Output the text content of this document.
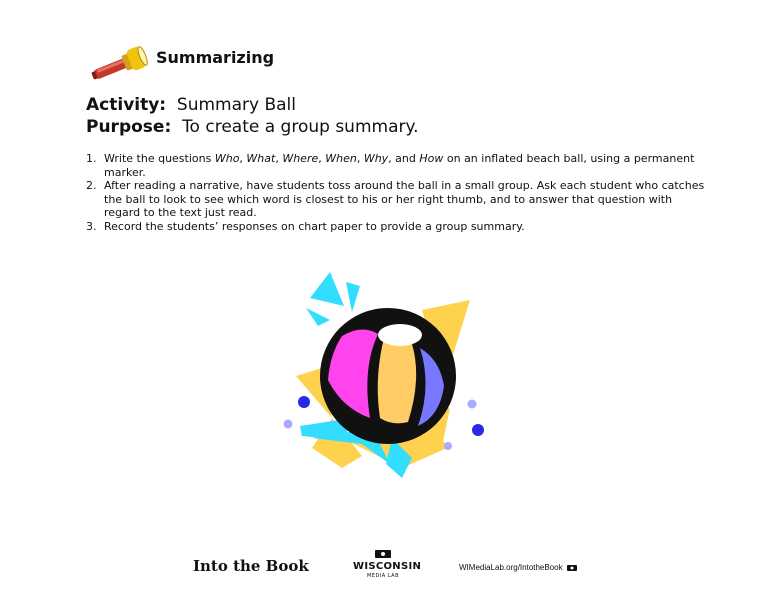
Summarizing
Activity: Summary Ball
Purpose: To create a group summary.
1. Write the questions Who, What, Where, When, Why, and How on an inflated beach ball, using a permanent marker.
2. After reading a narrative, have students toss around the ball in a small group. Ask each student who catches the ball to look to see which word is closest to his or her right thumb, and to answer that question with regard to the text just read.
3. Record the students’ responses on chart paper to provide a group summary.
Into the Book	WISCONSIN
MEDIA LAB
WIMediaLab.org/IntotheBook
